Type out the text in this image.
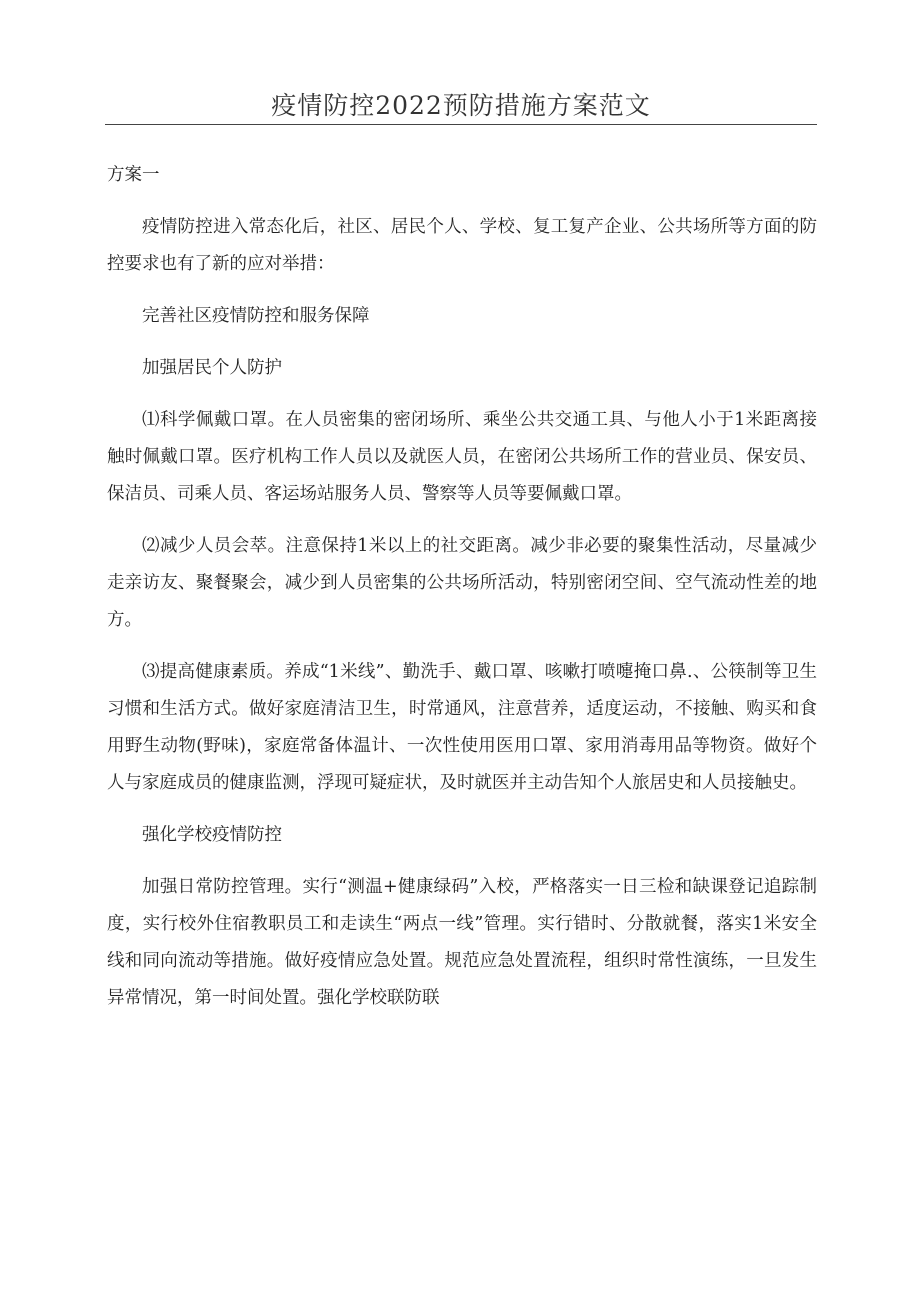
疫情防控2022预防措施方案范文

方案一

疫情防控进入常态化后，社区、居民个人、学校、复工复产企业、公共场所等方面的防控要求也有了新的应对举措：

完善社区疫情防控和服务保障

加强居民个人防护

⑴科学佩戴口罩。在人员密集的密闭场所、乘坐公共交通工具、与他人小于1米距离接触时佩戴口罩。医疗机构工作人员以及就医人员，在密闭公共场所工作的营业员、保安员、保洁员、司乘人员、客运场站服务人员、警察等人员等要佩戴口罩。

⑵减少人员会萃。注意保持1米以上的社交距离。减少非必要的聚集性活动，尽量减少走亲访友、聚餐聚会，减少到人员密集的公共场所活动，特别密闭空间、空气流动性差的地方。

⑶提高健康素质。养成“1米线”、勤洗手、戴口罩、咳嗽打喷嚏掩口鼻.、公筷制等卫生习惯和生活方式。做好家庭清洁卫生，时常通风，注意营养，适度运动，不接触、购买和食用野生动物(野味)，家庭常备体温计、一次性使用医用口罩、家用消毒用品等物资。做好个人与家庭成员的健康监测，浮现可疑症状，及时就医并主动告知个人旅居史和人员接触史。

强化学校疫情防控

加强日常防控管理。实行“测温+健康绿码”入校，严格落实一日三检和缺课登记追踪制度，实行校外住宿教职员工和走读生“两点一线”管理。实行错时、分散就餐，落实1米安全线和同向流动等措施。做好疫情应急处置。规范应急处置流程，组织时常性演练，一旦发生异常情况，第一时间处置。强化学校联防联
